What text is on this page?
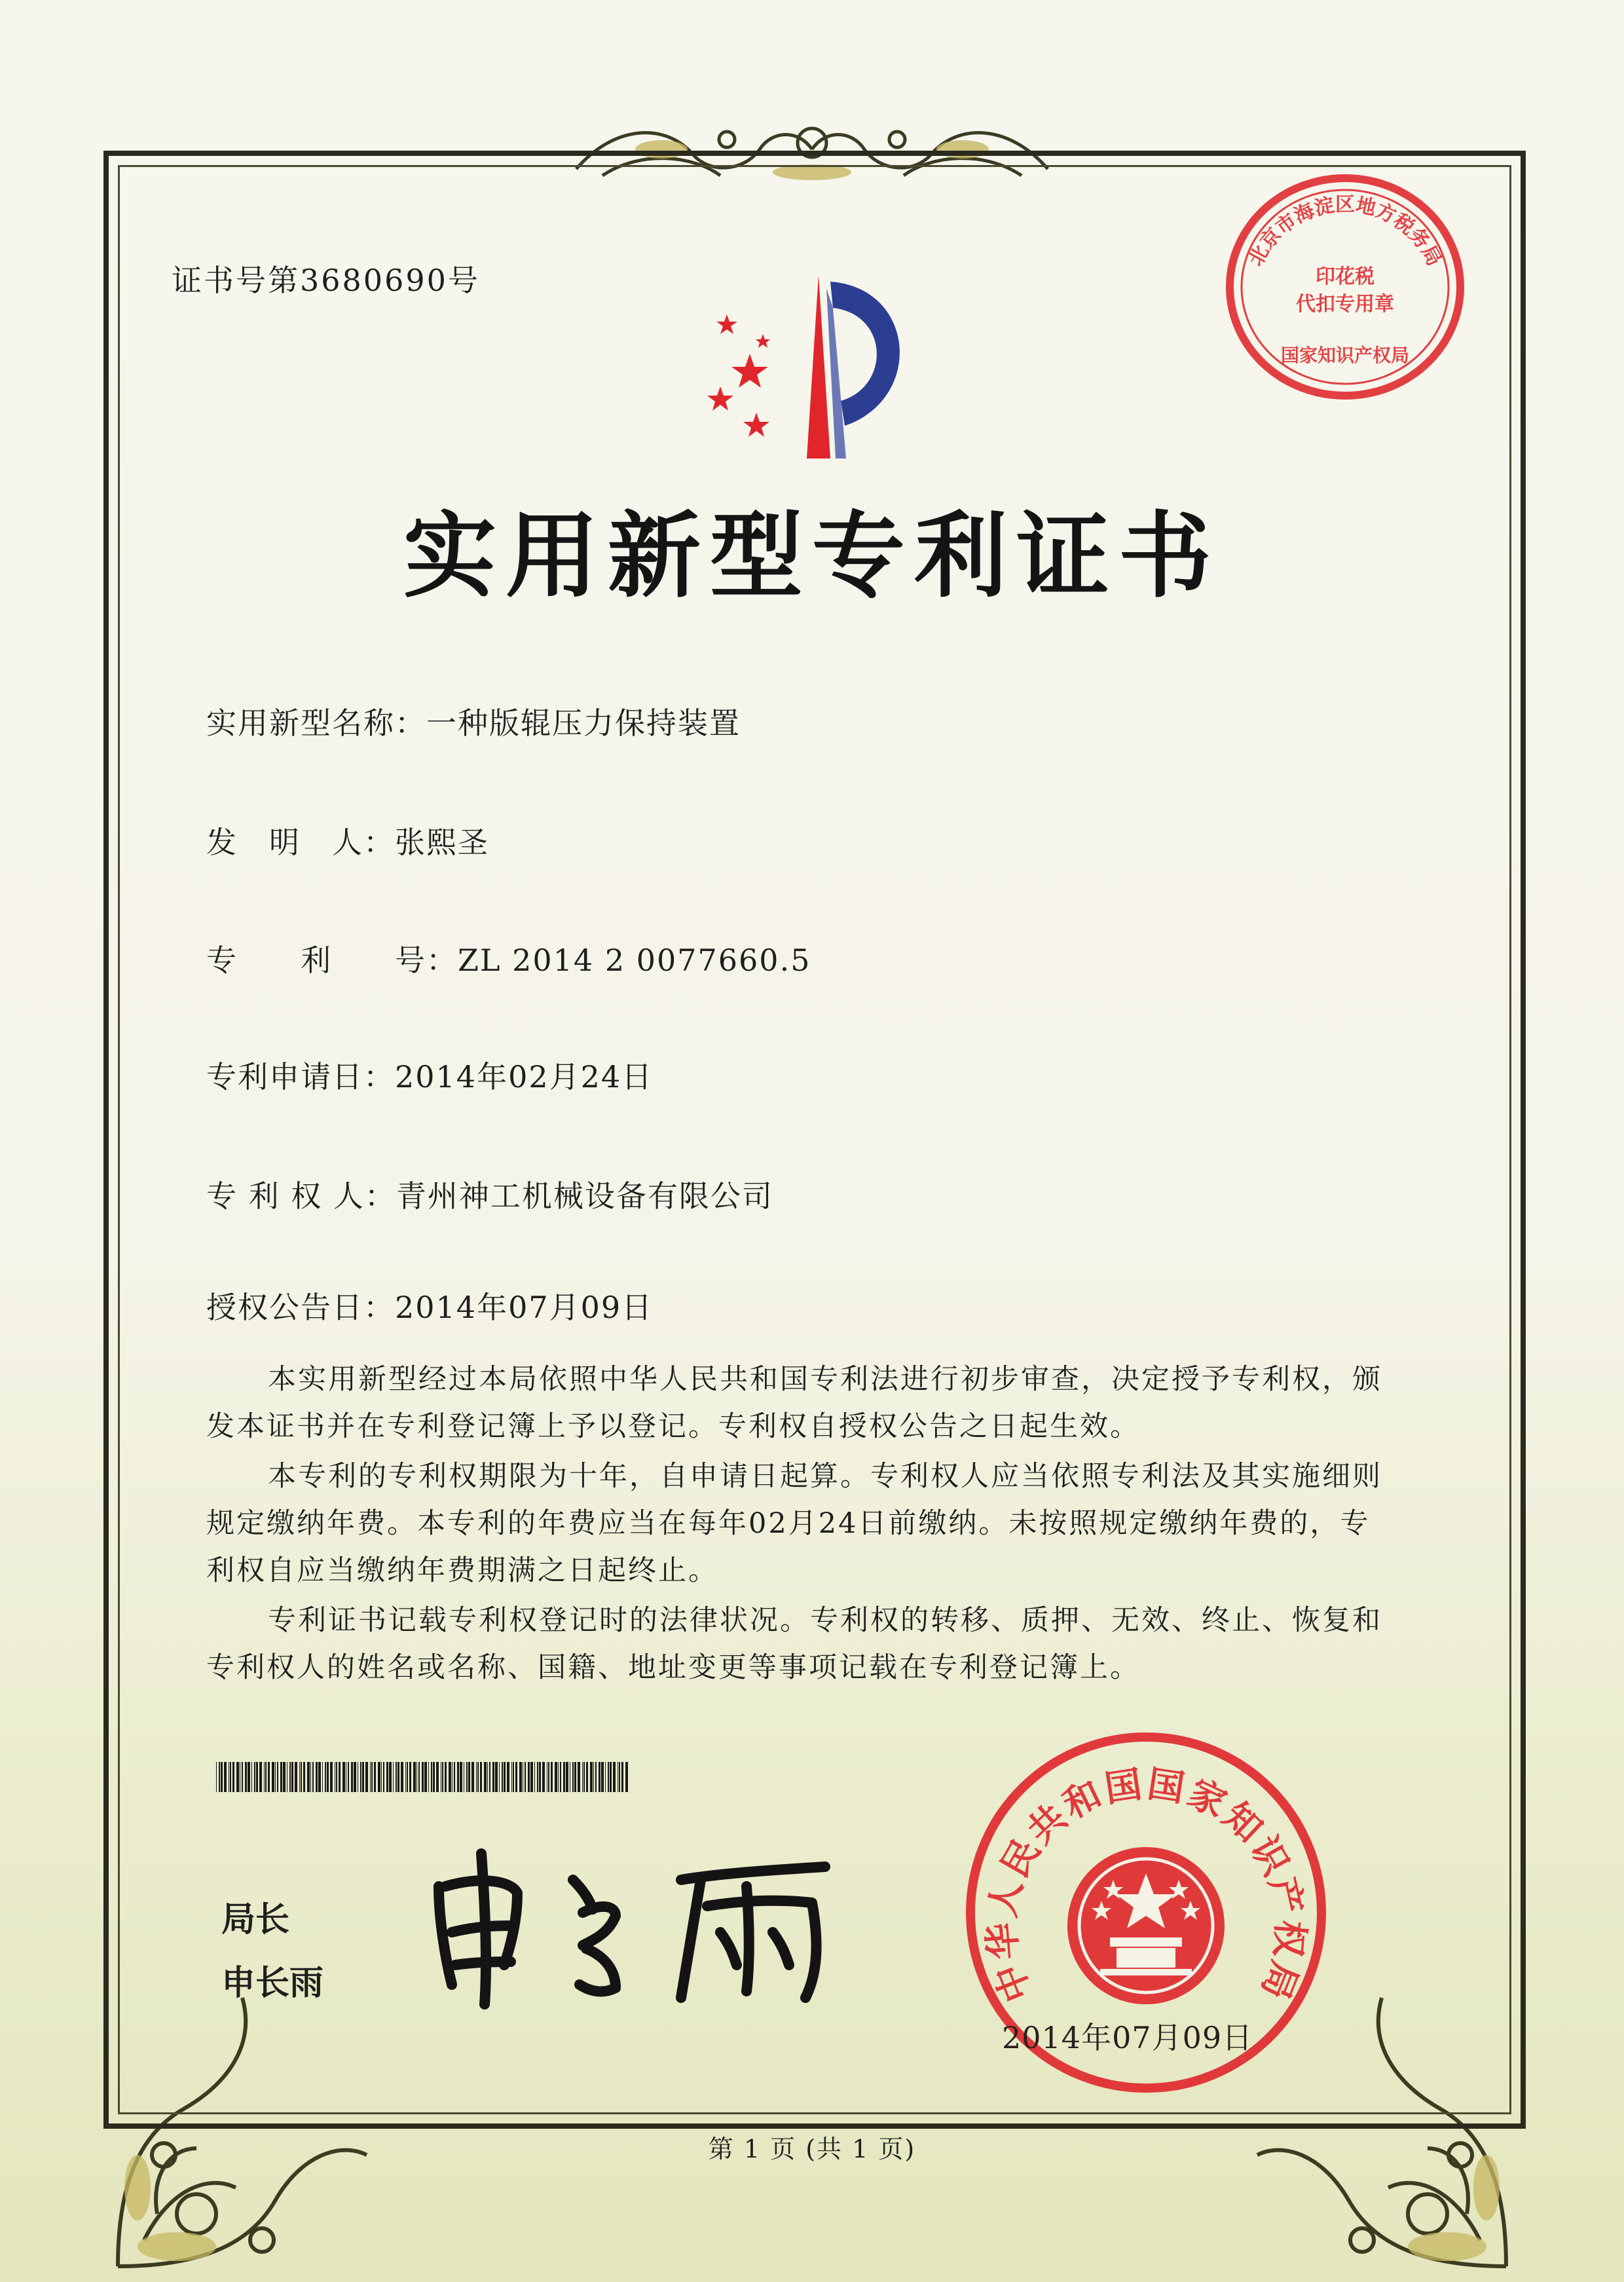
证书号第3680690号
北京市海淀区地方税务局
印花税
代扣专用章
国家知识产权局
实用新型专利证书
实用新型名称：一种版辊压力保持装置
发　明　人：张熙圣
专　　利　　号：ZL 2014 2 0077660.5
专利申请日：2014年02月24日
专 利 权 人：青州神工机械设备有限公司
授权公告日：2014年07月09日
本实用新型经过本局依照中华人民共和国专利法进行初步审查，决定授予专利权，颁发本证书并在专利登记簿上予以登记。专利权自授权公告之日起生效。
本专利的专利权期限为十年，自申请日起算。专利权人应当依照专利法及其实施细则规定缴纳年费。本专利的年费应当在每年02月24日前缴纳。未按照规定缴纳年费的，专利权自应当缴纳年费期满之日起终止。
专利证书记载专利权登记时的法律状况。专利权的转移、质押、无效、终止、恢复和专利权人的姓名或名称、国籍、地址变更等事项记载在专利登记簿上。
局长
申长雨	中华人民共和国国家知识产权局
2014年07月09日
第 1 页 (共 1 页)
